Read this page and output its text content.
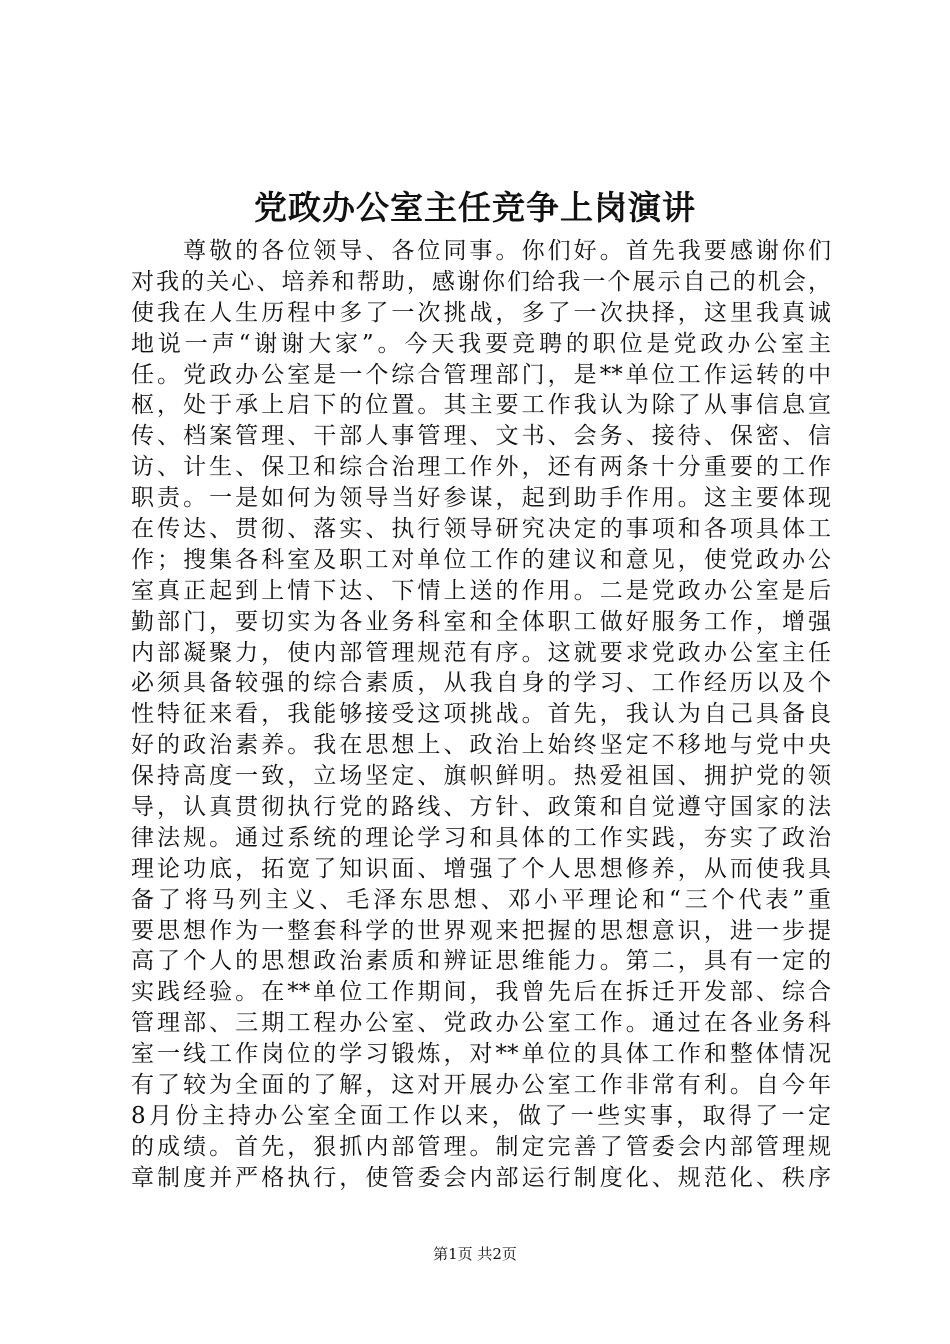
党政办公室主任竞争上岗演讲
　　尊敬的各位领导、各位同事。你们好。首先我要感谢你们
对我的关心、培养和帮助，感谢你们给我一个展示自己的机会，
使我在人生历程中多了一次挑战，多了一次抉择，这里我真诚
地说一声“谢谢大家”。今天我要竞聘的职位是党政办公室主
任。党政办公室是一个综合管理部门，是**单位工作运转的中
枢，处于承上启下的位置。其主要工作我认为除了从事信息宣
传、档案管理、干部人事管理、文书、会务、接待、保密、信
访、计生、保卫和综合治理工作外，还有两条十分重要的工作
职责。一是如何为领导当好参谋，起到助手作用。这主要体现
在传达、贯彻、落实、执行领导研究决定的事项和各项具体工
作；搜集各科室及职工对单位工作的建议和意见，使党政办公
室真正起到上情下达、下情上送的作用。二是党政办公室是后
勤部门，要切实为各业务科室和全体职工做好服务工作，增强
内部凝聚力，使内部管理规范有序。这就要求党政办公室主任
必须具备较强的综合素质，从我自身的学习、工作经历以及个
性特征来看，我能够接受这项挑战。首先，我认为自己具备良
好的政治素养。我在思想上、政治上始终坚定不移地与党中央
保持高度一致，立场坚定、旗帜鲜明。热爱祖国、拥护党的领
导，认真贯彻执行党的路线、方针、政策和自觉遵守国家的法
律法规。通过系统的理论学习和具体的工作实践，夯实了政治
理论功底，拓宽了知识面、增强了个人思想修养，从而使我具
备了将马列主义、毛泽东思想、邓小平理论和“三个代表”重
要思想作为一整套科学的世界观来把握的思想意识，进一步提
高了个人的思想政治素质和辨证思维能力。第二，具有一定的
实践经验。在**单位工作期间，我曾先后在拆迁开发部、综合
管理部、三期工程办公室、党政办公室工作。通过在各业务科
室一线工作岗位的学习锻炼，对**单位的具体工作和整体情况
有了较为全面的了解，这对开展办公室工作非常有利。自今年
8月份主持办公室全面工作以来，做了一些实事，取得了一定
的成绩。首先，狠抓内部管理。制定完善了管委会内部管理规
章制度并严格执行，使管委会内部运行制度化、规范化、秩序
第1页 共2页
